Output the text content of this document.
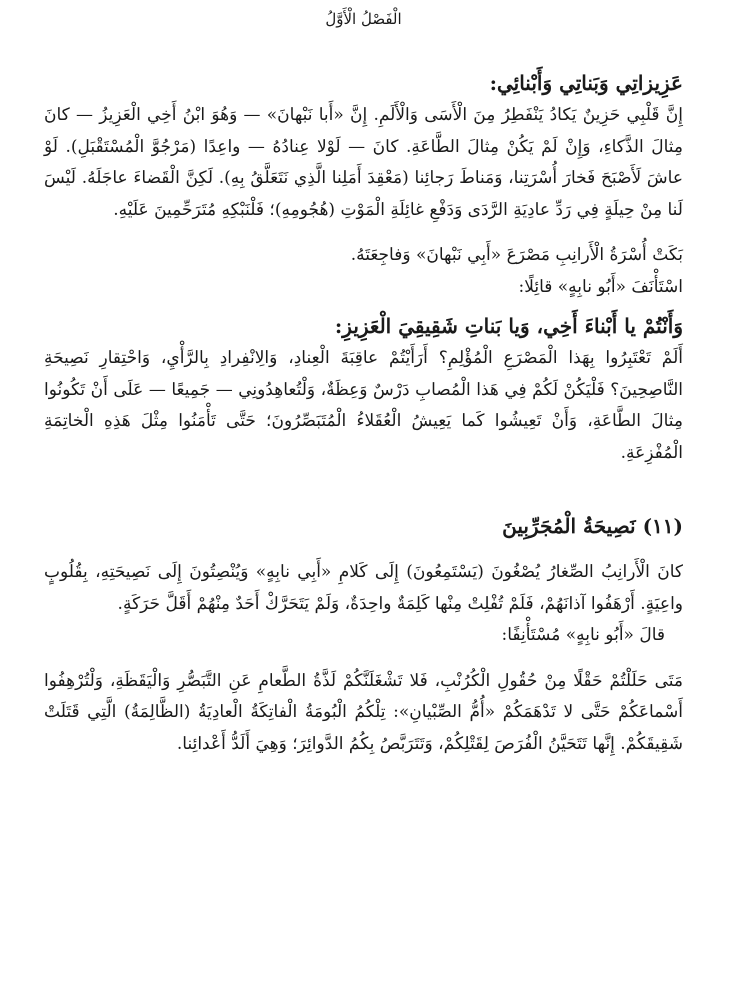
الْفَصْلُ الْأَوَّلُ

عَزِيزاتِي وَبَناتِي وَأَبْنائِي:

إِنَّ قَلْبِي حَزِينٌ يَكادُ يَنْفَطِرُ مِنَ الْأَسَى وَالْأَلَمِ. إِنَّ «أَبا نَبْهانَ» — وَهُوَ ابْنُ أَخِي الْعَزِيزُ — كانَ مِثالَ الذَّكاءِ، وَإِنْ لَمْ يَكُنْ مِثالَ الطَّاعَةِ. كانَ — لَوْلا عِنادُهُ — واعِدًا (مَرْجُوَّ الْمُسْتَقْبَلِ). لَوْ عاشَ لَأَصْبَحَ فَخارَ أُسْرَتِنا، وَمَناطَ رَجائِنا (مَعْقِدَ أَمَلِنا الَّذِي نَتَعَلَّقُ بِهِ). لَكِنَّ الْقَضاءَ عاجَلَهُ. لَيْسَ لَنا مِنْ حِيلَةٍ فِي رَدِّ عادِيَةِ الرَّدَى وَدَفْعِ غائِلَةِ الْمَوْتِ (هُجُومِهِ)؛ فَلْنَبْكِهِ مُتَرَحِّمِينَ عَلَيْهِ.

بَكَتْ أُسْرَةُ الْأَرانِبِ مَصْرَعَ «أَبِي نَبْهانَ» وَفاجِعَتَهُ.

اسْتَأْنَفَ «أَبُو نابِهٍ» قائِلًا:

وَأَنْتُمْ يا أَبْناءَ أَخِي، وَيا بَناتِ شَقِيقِيَ الْعَزِيزِ:

أَلَمْ تَعْتَبِرُوا بِهَذا الْمَصْرَعِ الْمُؤْلِمِ؟ أَرَأَيْتُمْ عاقِبَةَ الْعِنادِ، وَالِانْفِرادِ بِالرَّأْيِ، وَاحْتِقارِ نَصِيحَةِ النَّاصِحِينَ؟ فَلْيَكُنْ لَكُمْ فِي هَذا الْمُصابِ دَرْسٌ وَعِظَةٌ، وَلْتُعاهِدُونِي — جَمِيعًا — عَلَى أَنْ تَكُونُوا مِثالَ الطَّاعَةِ، وَأَنْ تَعِيشُوا كَما يَعِيشُ الْعُقَلاءُ الْمُتَبَصِّرُونَ؛ حَتَّى تَأْمَنُوا مِثْلَ هَذِهِ الْخاتِمَةِ الْمُفْزِعَةِ.

(١١) نَصِيحَةُ الْمُجَرِّبِينَ

كانَ الْأَرانِبُ الصِّغارُ يُصْغُونَ (يَسْتَمِعُونَ) إِلَى كَلامِ «أَبِي نابِهٍ» وَيُنْصِتُونَ إِلَى نَصِيحَتِهِ، بِقُلُوبٍ واعِيَةٍ. أَرْهَفُوا آذانَهُمْ، فَلَمْ تُفْلِتْ مِنْها كَلِمَةٌ واحِدَةٌ، وَلَمْ يَتَحَرَّكْ أَحَدٌ مِنْهُمْ أَقَلَّ حَرَكَةٍ.

قالَ «أَبُو نابِهٍ» مُسْتَأْنِفًا:

مَتَى حَلَلْتُمْ حَقْلًا مِنْ حُقُولِ الْكُرُنْبِ، فَلا تَشْغَلَنَّكُمْ لَذَّةُ الطَّعامِ عَنِ التَّبَصُّرِ وَالْيَقَظَةِ، وَلْتُرْهِفُوا أَسْماعَكُمْ حَتَّى لا تَدْهَمَكُمْ «أُمُّ الصِّبْيانِ»: تِلْكُمُ الْبُومَةُ الْفاتِكَةُ الْعادِيَةُ (الظَّالِمَةُ) الَّتِي قَتَلَتْ شَقِيقَكُمْ. إِنَّها تَتَحَيَّنُ الْفُرَصَ لِقَتْلِكُمْ، وَتَتَرَبَّصُ بِكُمُ الدَّوائِرَ؛ وَهِيَ أَلَدُّ أَعْدائِنا.
